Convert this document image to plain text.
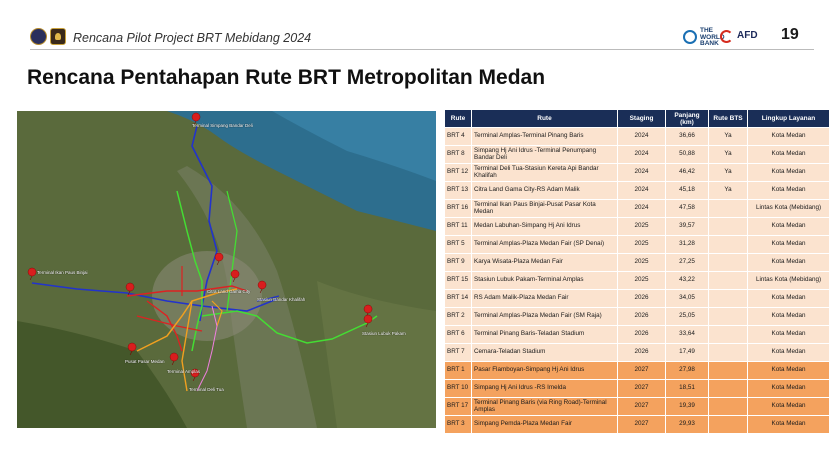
Rencana Pilot Project BRT Mebidang 2024
THE
WORLD
BANK
AFD 19
Rencana Pentahapan Rute BRT Metropolitan Medan
Terminal Simpang Bandar Deli
Terminal Ikan Paus Binjai
Citra Land Gama City
Stasiun Bandar Khalifah
Stasiun Lubuk Pakam
Pusat Pasar Medan
Terminal Amplas
Terminal Deli Tua
Rute	Rute	Staging	Panjang (km)	Rute BTS	Lingkup Layanan
BRT 4	Terminal Amplas-Terminal Pinang Baris	2024	36,66	Ya	Kota Medan
BRT 8	Simpang Hj Ani Idrus -Terminal Penumpang Bandar Deli	2024	50,88	Ya	Kota Medan
BRT 12	Terminal Deli Tua-Stasiun Kereta Api Bandar Khalifah	2024	46,42	Ya	Kota Medan
BRT 13	Citra Land Gama City-RS Adam Malik	2024	45,18	Ya	Kota Medan
BRT 16	Terminal Ikan Paus Binjai-Pusat Pasar Kota Medan	2024	47,58		Lintas Kota (Mebidang)
BRT 11	Medan Labuhan-Simpang Hj Ani Idrus	2025	39,57		Kota Medan
BRT 5	Terminal Amplas-Plaza Medan Fair (SP Denai)	2025	31,28		Kota Medan
BRT 9	Karya Wisata-Plaza Medan Fair	2025	27,25		Kota Medan
BRT 15	Stasiun Lubuk Pakam-Terminal Amplas	2025	43,22		Lintas Kota (Mebidang)
BRT 14	RS Adam Malik-Plaza Medan Fair	2026	34,05		Kota Medan
BRT 2	Terminal Amplas-Plaza Medan Fair (SM Raja)	2026	25,05		Kota Medan
BRT 6	Terminal Pinang Baris-Teladan Stadium	2026	33,64		Kota Medan
BRT 7	Cemara-Teladan Stadium	2026	17,49		Kota Medan
BRT 1	Pasar Flamboyan-Simpang Hj Ani Idrus	2027	27,98		Kota Medan
BRT 10	Simpang Hj Ani Idrus -RS Imelda	2027	18,51		Kota Medan
BRT 17	Terminal Pinang Baris (via Ring Road)-Terminal Amplas	2027	19,39		Kota Medan
BRT 3	Simpang Pemda-Plaza Medan Fair	2027	29,93		Kota Medan
